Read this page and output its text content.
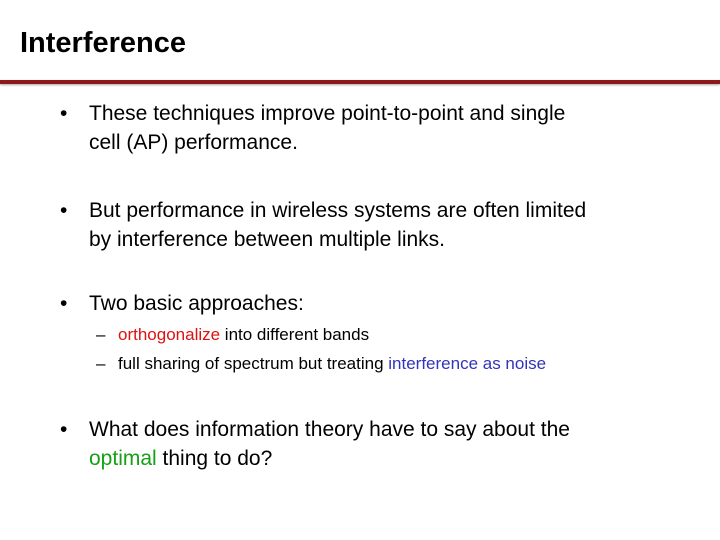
Interference
•	These techniques improve point-to-point and single
cell (AP) performance.
•	But performance in wireless systems are often limited
by interference between multiple links.
•	Two basic approaches:
– orthogonalize into different bands
– full sharing of spectrum but treating interference as noise
•	What does information theory have to say about the
optimal thing to do?
